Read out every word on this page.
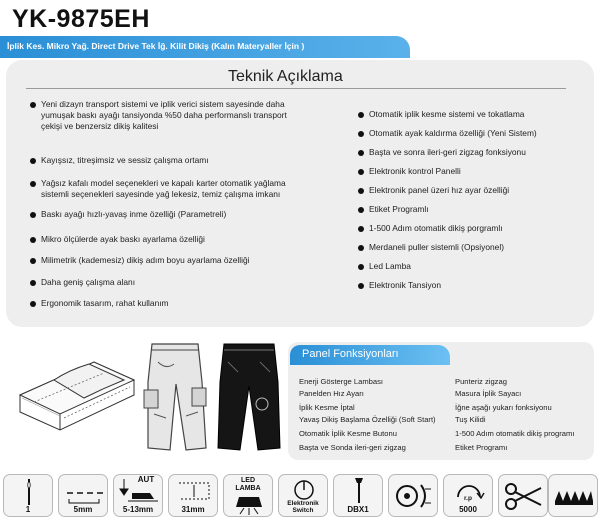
YK-9875EH
İplik Kes. Mikro Yağ. Direct Drive Tek İğ. Kilit Dikiş (Kalın Materyaller İçin )
Teknik Açıklama
Yeni dizayn transport sistemi ve iplik verici sistem sayesinde daha
yumuşak baskı ayağı tansiyonda %50 daha performanslı transport
çekişi ve benzersiz dikiş kalitesi
Kayışsız, titreşimsiz ve sessiz çalışma ortamı
Yağsız kafalı model seçenekleri ve kapalı karter otomatik yağlama
sistemli seçenekleri sayesinde yağ lekesiz, temiz çalışma imkanı
Baskı ayağı hızlı-yavaş inme özelliği (Parametreli)
Mikro ölçülerde ayak baskı ayarlama özelliği
Milimetrik (kademesiz) dikiş adım boyu ayarlama özelliği
Daha geniş çalışma alanı
Ergonomik tasarım, rahat kullanım
Otomatik iplik kesme sistemi ve tokatlama
Otomatik ayak kaldırma özelliği (Yeni Sistem)
Başta ve sonra ileri-geri zigzag fonksiyonu
Elektronik kontrol Panelli
Elektronik panel üzeri hız ayar özelliği
Etiket Programlı
1-500 Adım otomatik dikiş porgramlı
Merdaneli puller sistemli (Opsiyonel)
Led Lamba
Elektronik Tansiyon
Panel Fonksiyonları
Enerji Gösterge Lambası
Panelden Hız Ayarı
İplik Kesme İptal
Yavaş Dikiş Başlama Özelliği (Soft Start)
Otomatik İplik Kesme Butonu
Başta ve Sonda ileri-geri zigzag
Punteriz zigzag
Masura İplik Sayacı
İğne aşağı yukarı fonksiyonu
Tuş Kilidi
1-500 Adım otomatik dikiş programı
Etiket Programı
1	5mm
AUT
5-13mm	31mm
LED
LAMBA
Elektronik
Switch	DBX1
r.p
5000
